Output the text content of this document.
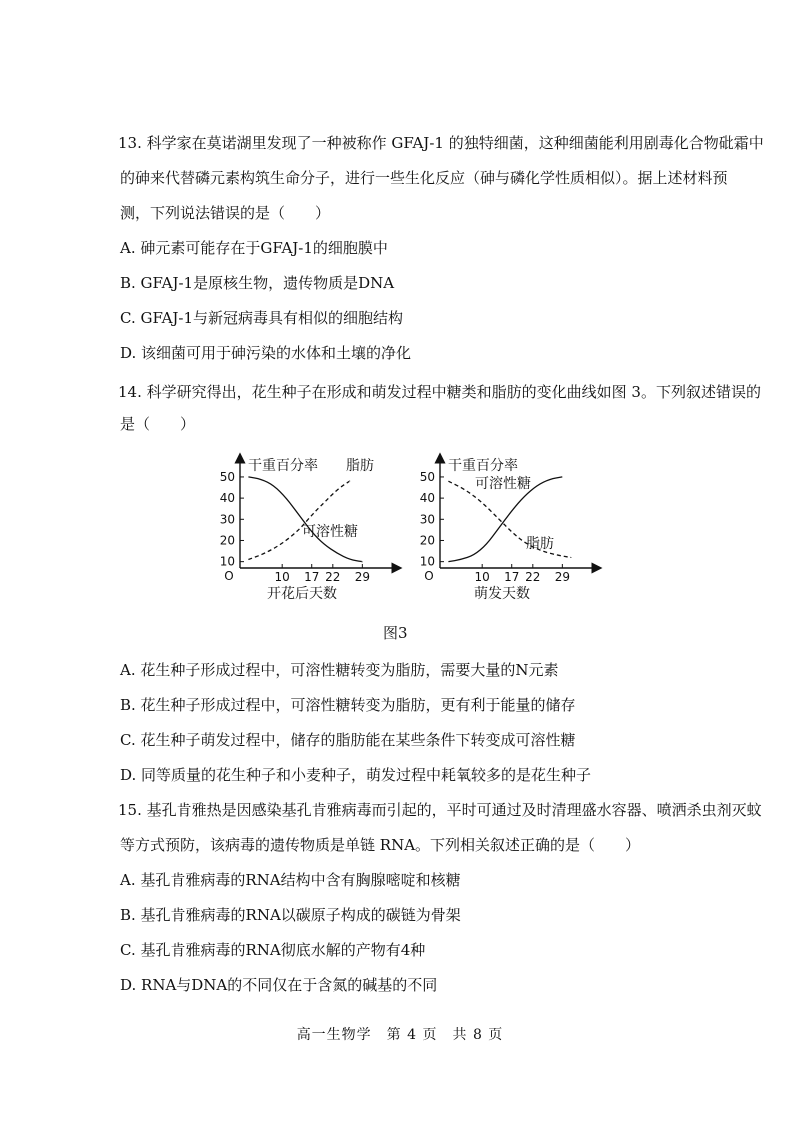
13. 科学家在莫诺湖里发现了一种被称作 GFAJ-1 的独特细菌，这种细菌能利用剧毒化合物砒霜中
的砷来代替磷元素构筑生命分子，进行一些生化反应（砷与磷化学性质相似）。据上述材料预
测，下列说法错误的是（　　）
A. 砷元素可能存在于GFAJ-1的细胞膜中
B. GFAJ-1是原核生物，遗传物质是DNA
C. GFAJ-1与新冠病毒具有相似的细胞结构
D. 该细菌可用于砷污染的水体和土壤的净化
14. 科学研究得出，花生种子在形成和萌发过程中糖类和脂肪的变化曲线如图 3。下列叙述错误的
是（　　）
干重百分率
开花后天数
O
10
20
30
40
50
10 17 22 29
脂肪
可溶性糖
干重百分率
萌发天数
O
10
20
30
40
50
10 17 22 29
可溶性糖
脂肪
图3
A. 花生种子形成过程中，可溶性糖转变为脂肪，需要大量的N元素
B. 花生种子形成过程中，可溶性糖转变为脂肪，更有利于能量的储存
C. 花生种子萌发过程中，储存的脂肪能在某些条件下转变成可溶性糖
D. 同等质量的花生种子和小麦种子，萌发过程中耗氧较多的是花生种子
15. 基孔肯雅热是因感染基孔肯雅病毒而引起的，平时可通过及时清理盛水容器、喷洒杀虫剂灭蚊
等方式预防，该病毒的遗传物质是单链 RNA。下列相关叙述正确的是（　　）
A. 基孔肯雅病毒的RNA结构中含有胸腺嘧啶和核糖
B. 基孔肯雅病毒的RNA以碳原子构成的碳链为骨架
C. 基孔肯雅病毒的RNA彻底水解的产物有4种
D. RNA与DNA的不同仅在于含氮的碱基的不同
高一生物学　第 4 页　共 8 页
